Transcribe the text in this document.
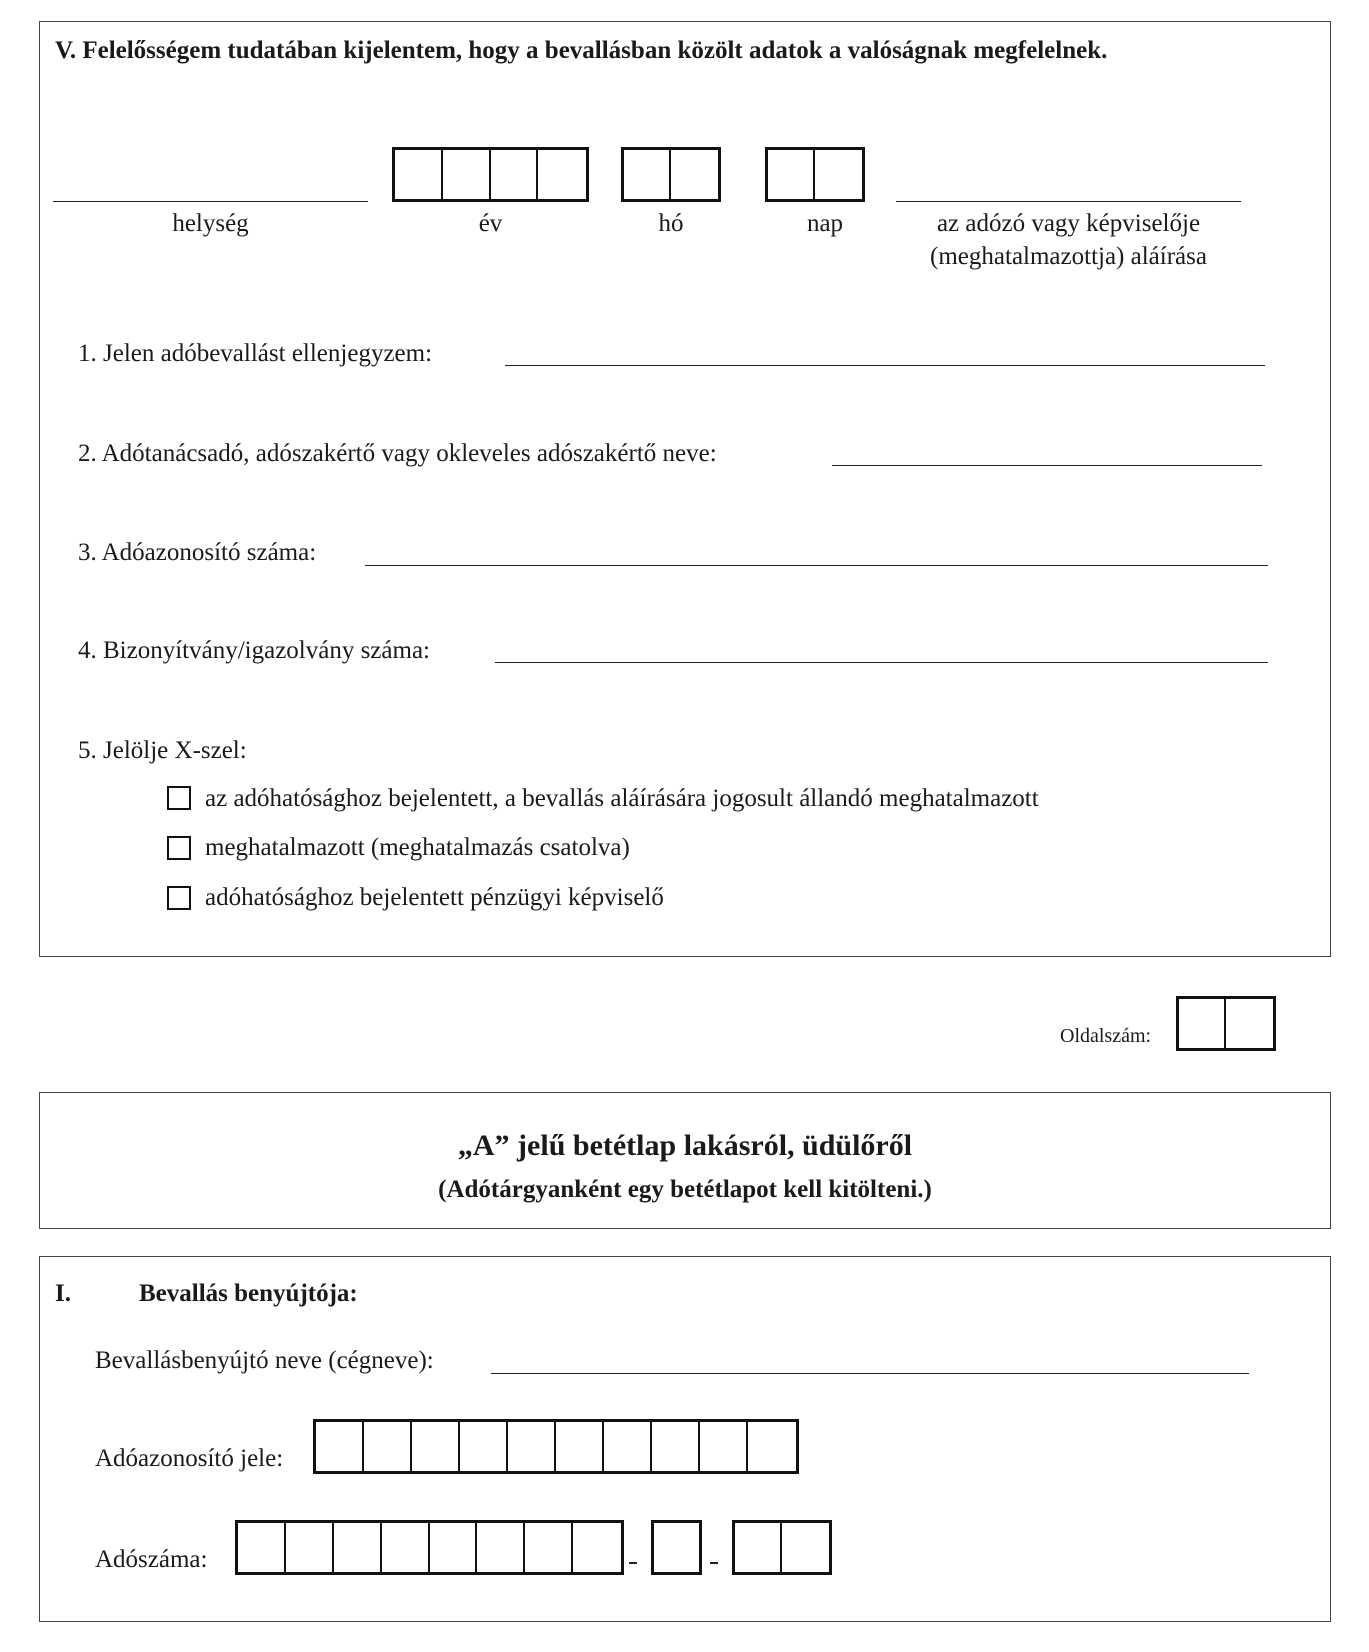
V. Felelősségem tudatában kijelentem, hogy a bevallásban közölt adatok a valóságnak megfelelnek.
helység	év	hó	nap	az adózó vagy képviselője
(meghatalmazottja) aláírása
1. Jelen adóbevallást ellenjegyzem:
2. Adótanácsadó, adószakértő vagy okleveles adószakértő neve:
3. Adóazonosító száma:
4. Bizonyítvány/igazolvány száma:
5. Jelölje X-szel:
az adóhatósághoz bejelentett, a bevallás aláírására jogosult állandó meghatalmazott
meghatalmazott (meghatalmazás csatolva)
adóhatósághoz bejelentett pénzügyi képviselő
Oldalszám:
„A” jelű betétlap lakásról, üdülőről
(Adótárgyanként egy betétlapot kell kitölteni.)
I.	Bevallás benyújtója:
Bevallásbenyújtó neve (cégneve):
Adóazonosító jele:
Adószáma:
